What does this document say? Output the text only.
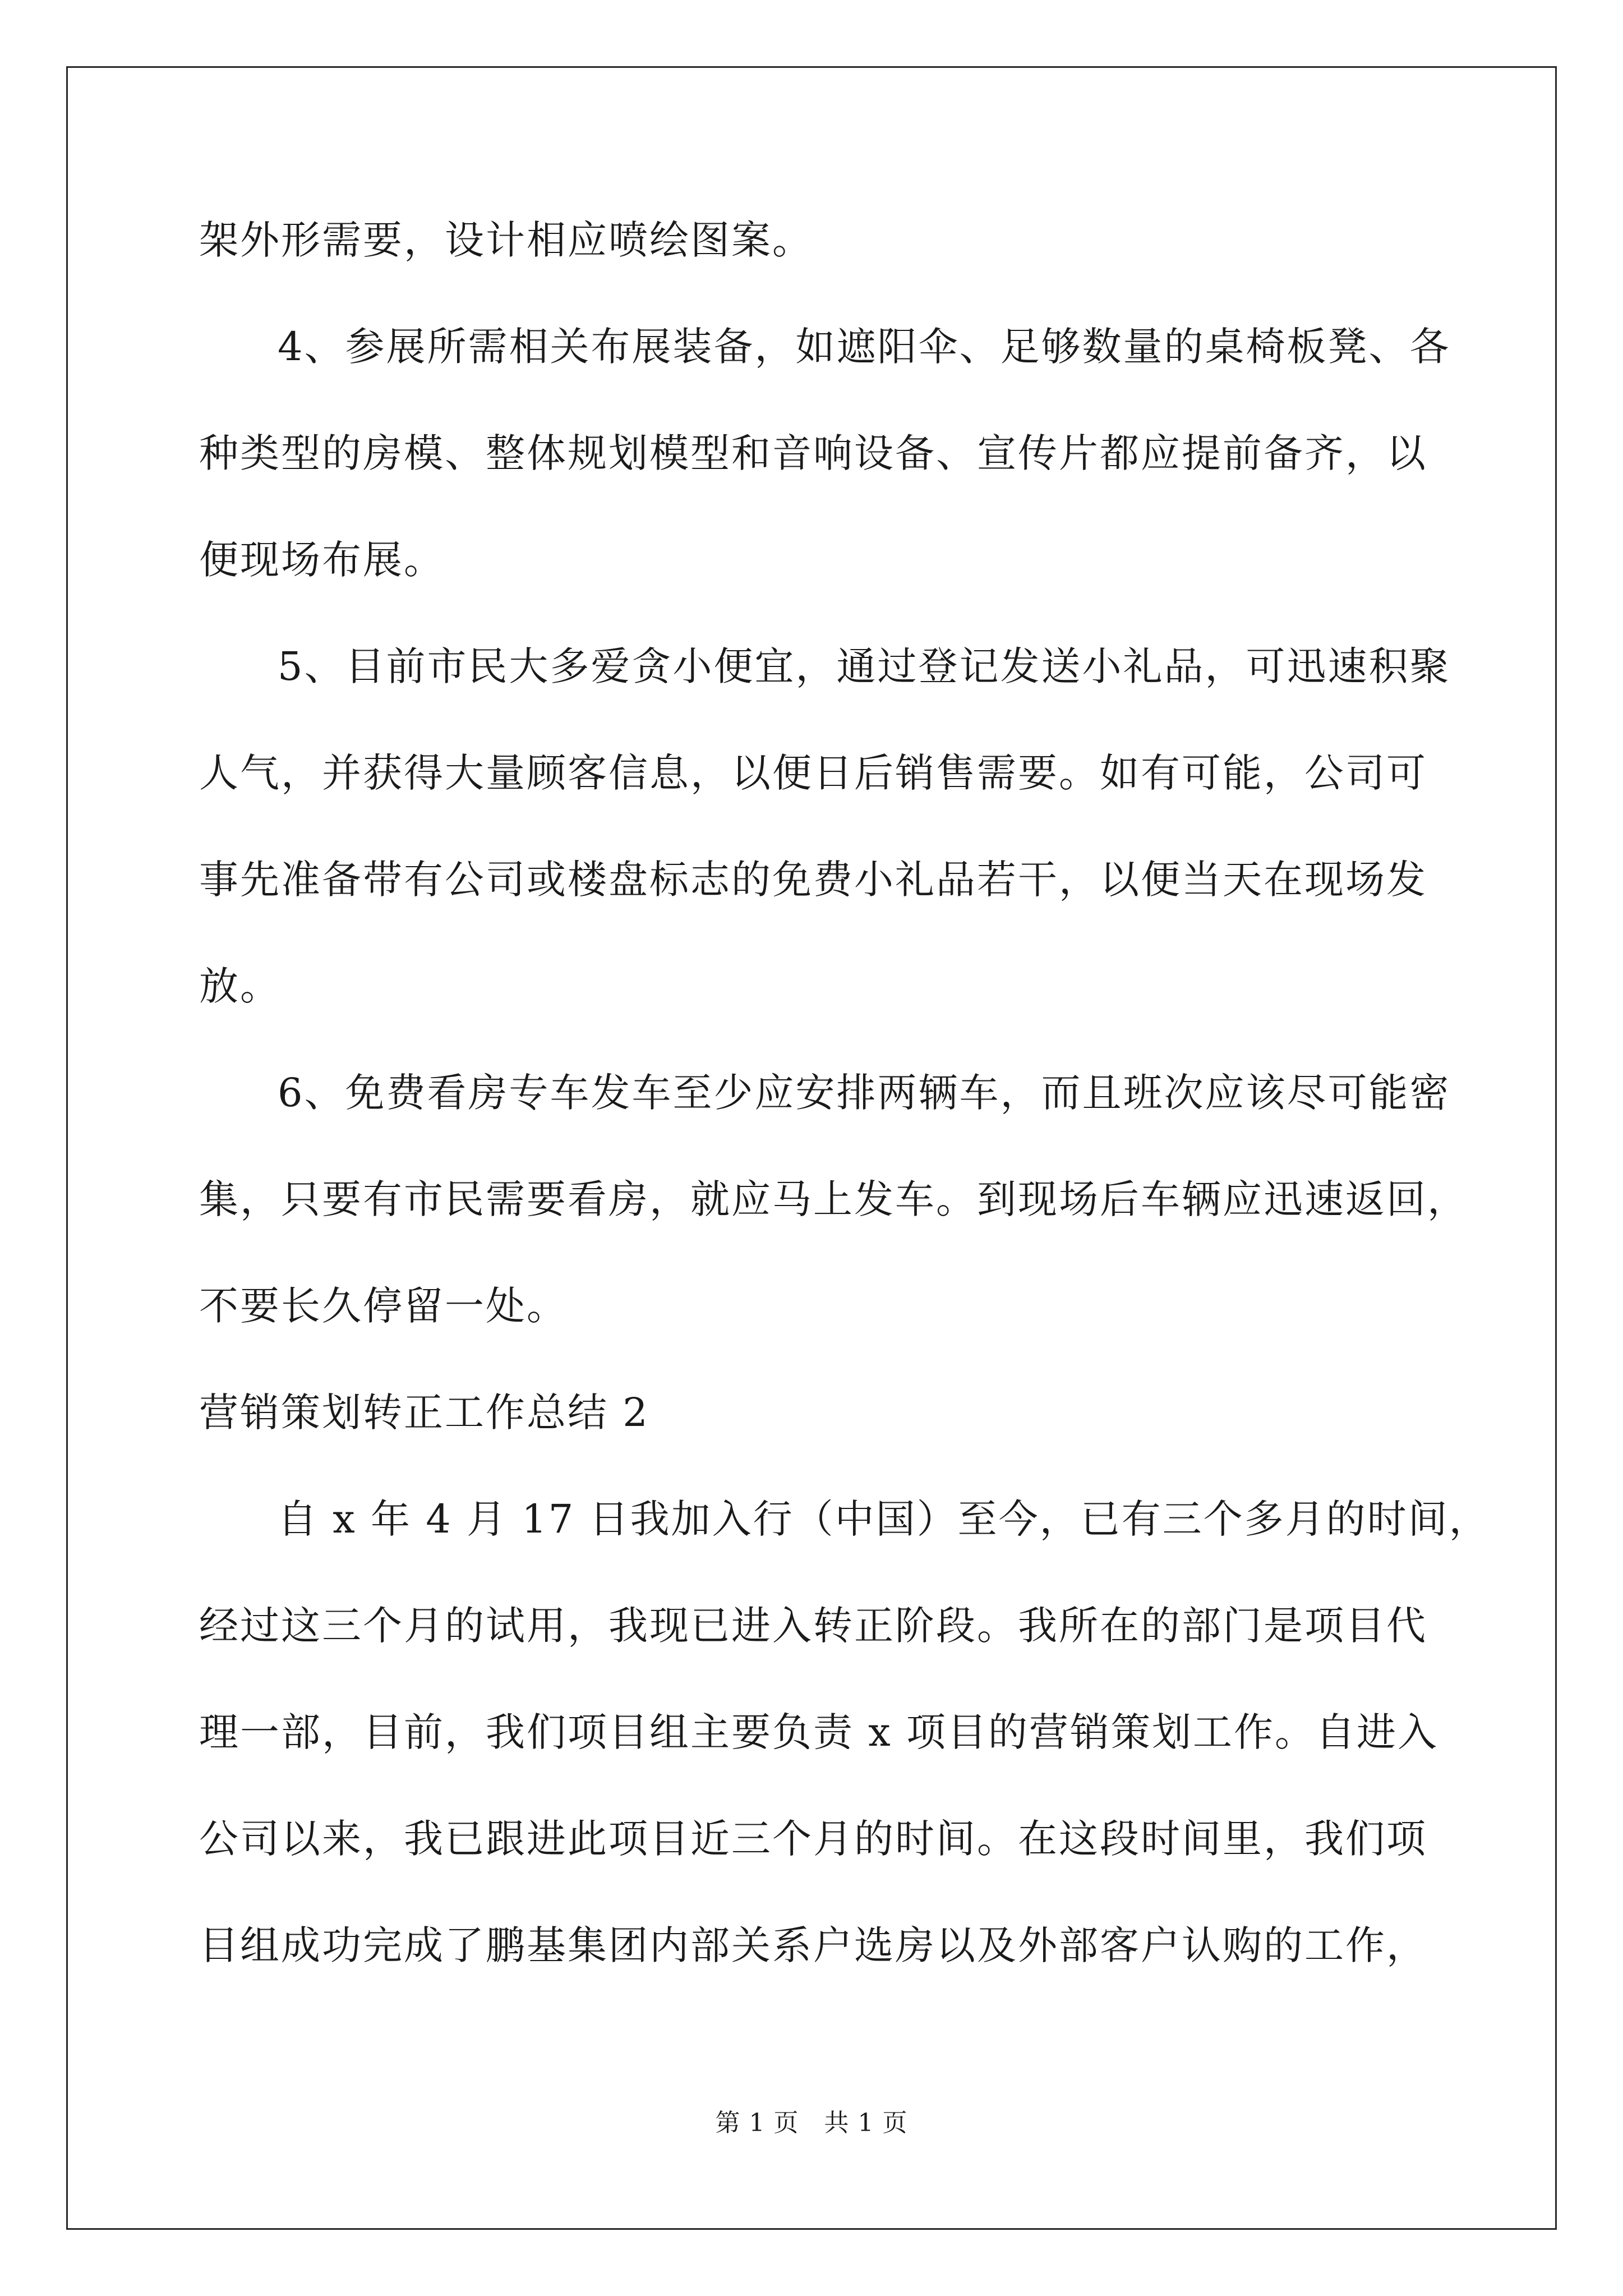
架外形需要，设计相应喷绘图案。
4、参展所需相关布展装备，如遮阳伞、足够数量的桌椅板凳、各
种类型的房模、整体规划模型和音响设备、宣传片都应提前备齐，以
便现场布展。
5、目前市民大多爱贪小便宜，通过登记发送小礼品，可迅速积聚
人气，并获得大量顾客信息，以便日后销售需要。如有可能，公司可
事先准备带有公司或楼盘标志的免费小礼品若干，以便当天在现场发
放。
6、免费看房专车发车至少应安排两辆车，而且班次应该尽可能密
集，只要有市民需要看房，就应马上发车。到现场后车辆应迅速返回，
不要长久停留一处。
营销策划转正工作总结 2
自 x 年 4 月 17 日我加入行（中国）至今，已有三个多月的时间，
经过这三个月的试用，我现已进入转正阶段。我所在的部门是项目代
理一部，目前，我们项目组主要负责 x 项目的营销策划工作。自进入
公司以来，我已跟进此项目近三个月的时间。在这段时间里，我们项
目组成功完成了鹏基集团内部关系户选房以及外部客户认购的工作，
第 1 页　共 1 页
